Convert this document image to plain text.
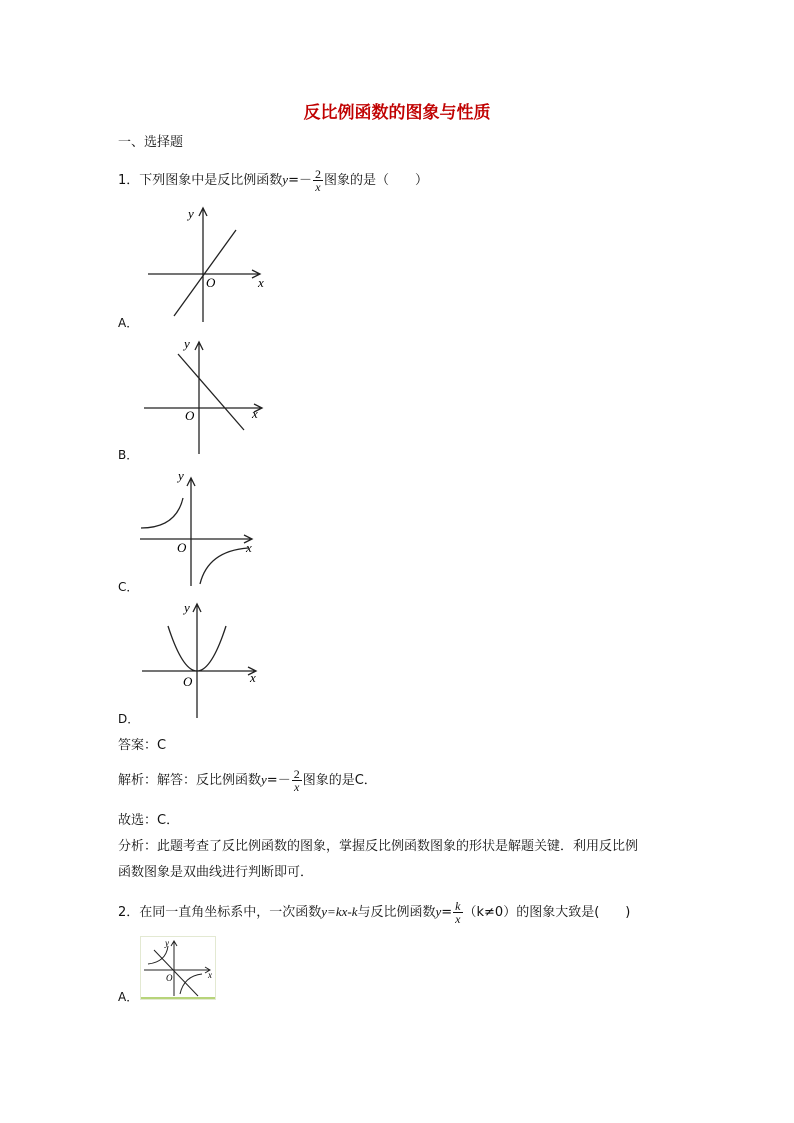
反比例函数的图象与性质
一、选择题
1．下列图象中是反比例函数$y=- \frac{2}{x}$ 图象的是（　　）
x
y
O
A．
x
y
O
B．
x
y
O
C．
x
y
O
D．
答案：C
解析：解答：反比例函数$y=- \frac{2}{x}$ 图象的是C．
故选：C．
分析：此题考查了反比例函数的图象，掌握反比例函数图象的形状是解题关键．利用反比例
函数图象是双曲线进行判断即可．
2．在同一直角坐标系中，一次函数y=kx-k与反比例函数$y= \frac{k}{x} (k\ne 0)$的图象大致是(　　)
x
y
O
A．
